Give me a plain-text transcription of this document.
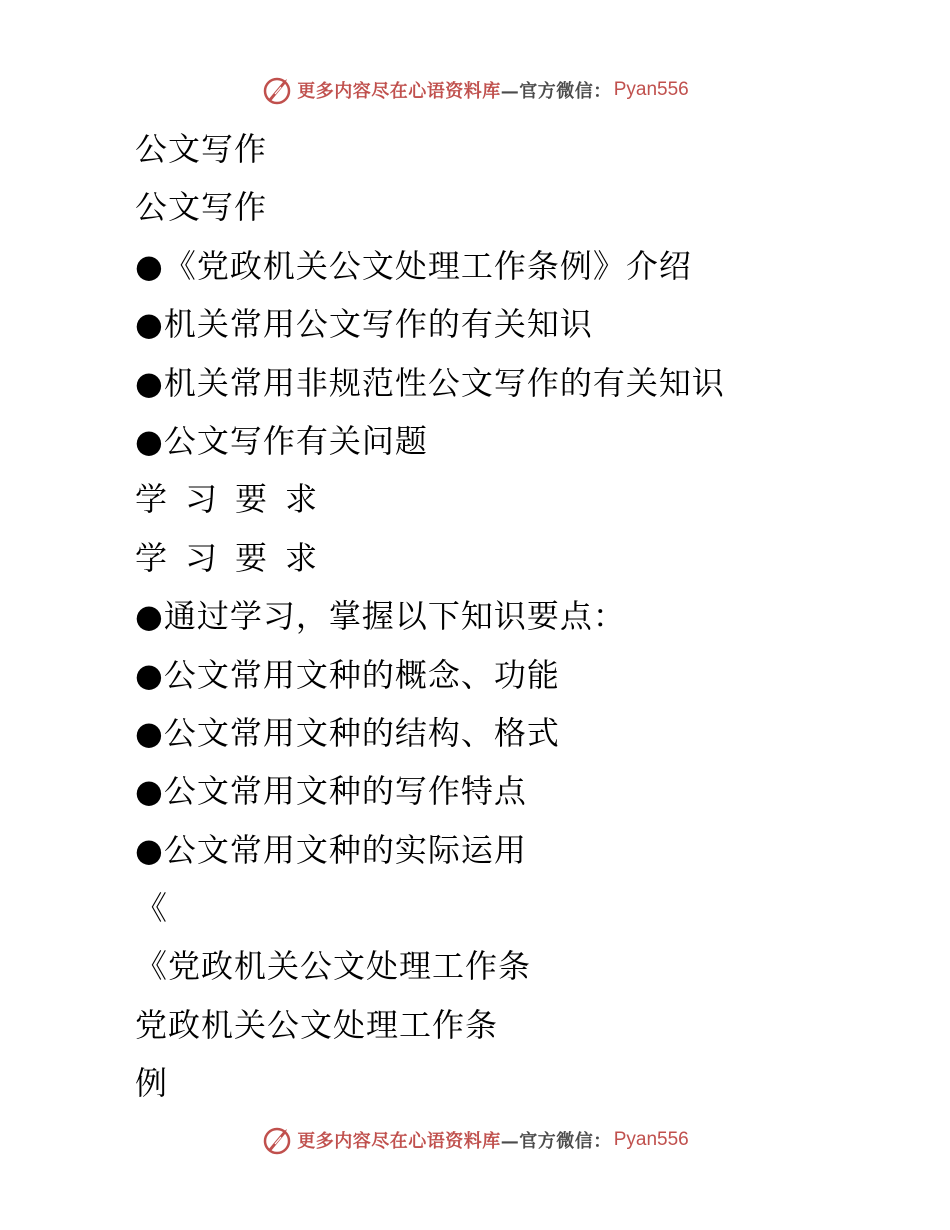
更多内容尽在心语资料库—官方微信： Pyan556
公文写作
公文写作
●《党政机关公文处理工作条例》介绍
●机关常用公文写作的有关知识
●机关常用非规范性公文写作的有关知识
●公文写作有关问题
学习要求
学习要求
●通过学习，掌握以下知识要点：
●公文常用文种的概念、功能
●公文常用文种的结构、格式
●公文常用文种的写作特点
●公文常用文种的实际运用
《
《党政机关公文处理工作条
党政机关公文处理工作条
例
更多内容尽在心语资料库—官方微信： Pyan556
